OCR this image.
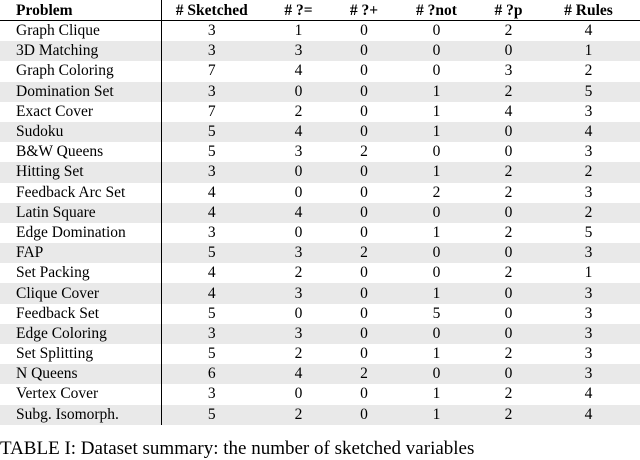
Problem	# Sketched	# ?=	# ?+	# ?not	# ?p	# Rules
Graph Clique	3	1	0	0	2	4
3D Matching	3	3	0	0	0	1
Graph Coloring	7	4	0	0	3	2
Domination Set	3	0	0	1	2	5
Exact Cover	7	2	0	1	4	3
Sudoku	5	4	0	1	0	4
B&W Queens	5	3	2	0	0	3
Hitting Set	3	0	0	1	2	2
Feedback Arc Set	4	0	0	2	2	3
Latin Square	4	4	0	0	0	2
Edge Domination	3	0	0	1	2	5
FAP	5	3	2	0	0	3
Set Packing	4	2	0	0	2	1
Clique Cover	4	3	0	1	0	3
Feedback Set	5	0	0	5	0	3
Edge Coloring	3	3	0	0	0	3
Set Splitting	5	2	0	1	2	3
N Queens	6	4	2	0	0	3
Vertex Cover	3	0	0	1	2	4
Subg. Isomorph.	5	2	0	1	2	4
TABLE I: Dataset summary: the number of sketched variables
